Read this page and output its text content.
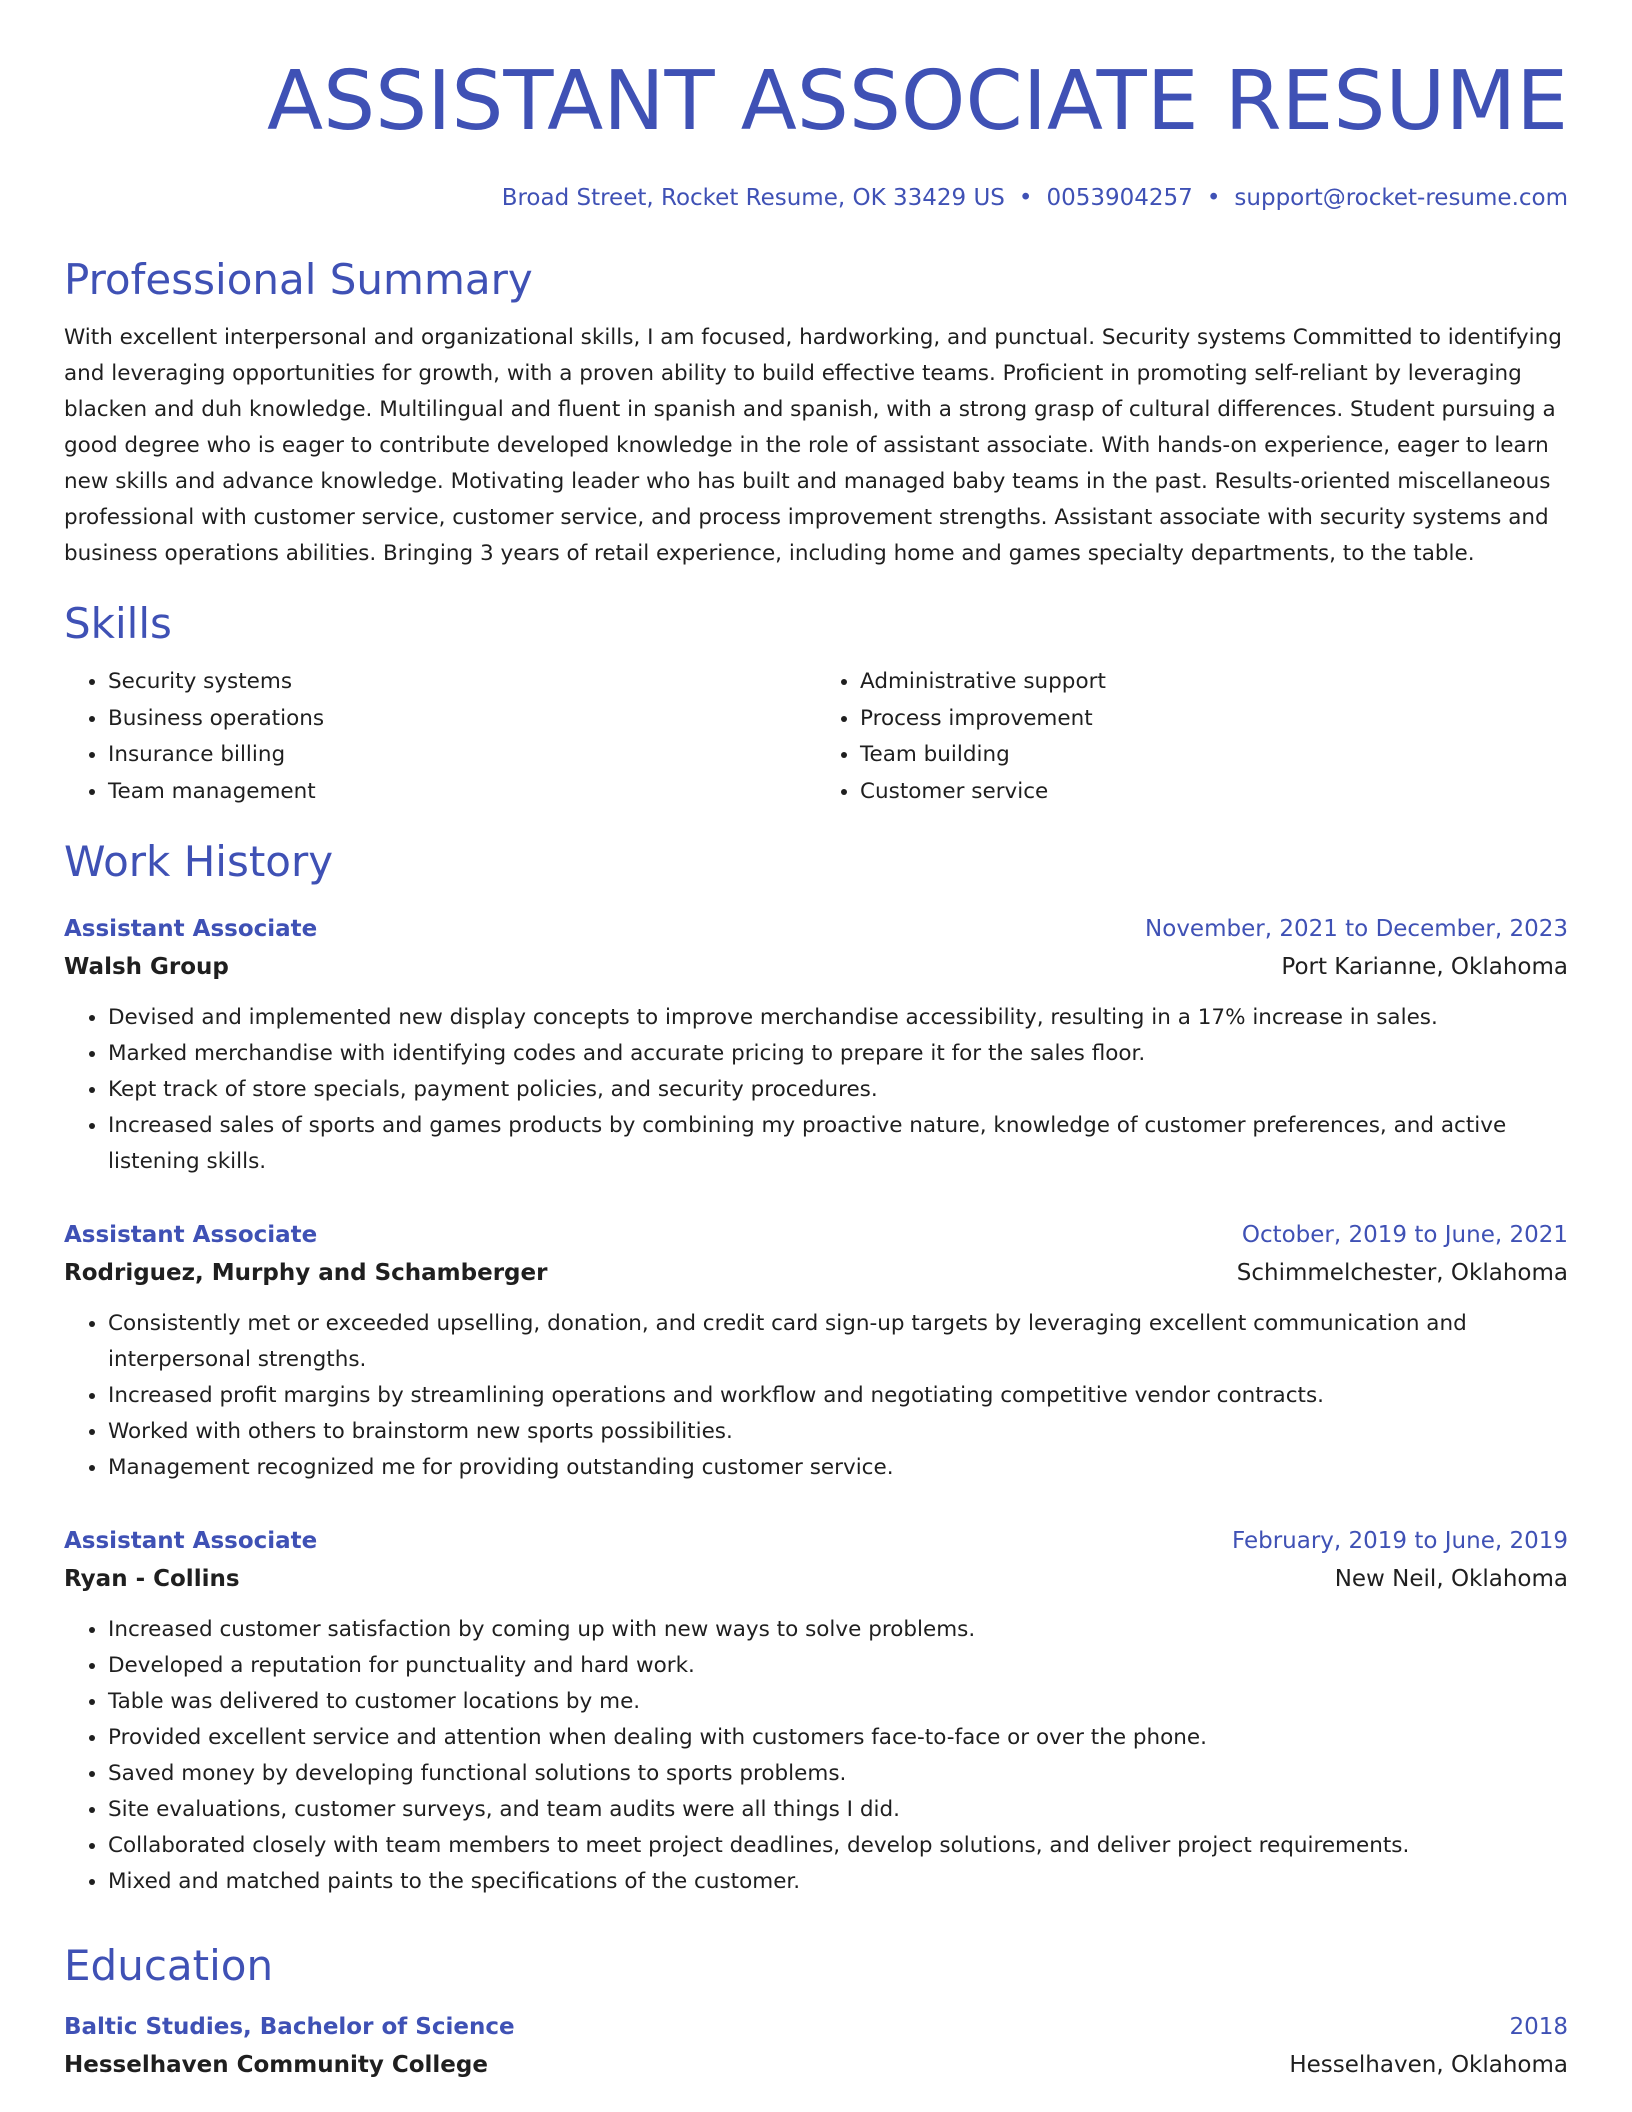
ASSISTANT ASSOCIATE RESUME
Broad Street, Rocket Resume, OK 33429 US • 0053904257 • support@rocket-resume.com
Professional Summary

With excellent interpersonal and organizational skills, I am focused, hardworking, and punctual. Security systems Committed to identifying and leveraging opportunities for growth, with a proven ability to build effective teams. Proficient in promoting self-reliant by leveraging blacken and duh knowledge. Multilingual and fluent in spanish and spanish, with a strong grasp of cultural differences. Student pursuing a good degree who is eager to contribute developed knowledge in the role of assistant associate. With hands-on experience, eager to learn new skills and advance knowledge. Motivating leader who has built and managed baby teams in the past. Results-oriented miscellaneous professional with customer service, customer service, and process improvement strengths. Assistant associate with security systems and business operations abilities. Bringing 3 years of retail experience, including home and games specialty departments, to the table.

Skills
• Security systems
• Business operations
• Insurance billing
• Team management
• Administrative support
• Process improvement
• Team building
• Customer service
Work History
Assistant Associate	November, 2021 to December, 2023
Walsh Group	Port Karianne, Oklahoma
• Devised and implemented new display concepts to improve merchandise accessibility, resulting in a 17% increase in sales.
• Marked merchandise with identifying codes and accurate pricing to prepare it for the sales floor.
• Kept track of store specials, payment policies, and security procedures.
• Increased sales of sports and games products by combining my proactive nature, knowledge of customer preferences, and active listening skills.
Assistant Associate	October, 2019 to June, 2021
Rodriguez, Murphy and Schamberger	Schimmelchester, Oklahoma
• Consistently met or exceeded upselling, donation, and credit card sign-up targets by leveraging excellent communication and interpersonal strengths.
• Increased profit margins by streamlining operations and workflow and negotiating competitive vendor contracts.
• Worked with others to brainstorm new sports possibilities.
• Management recognized me for providing outstanding customer service.
Assistant Associate	February, 2019 to June, 2019
Ryan - Collins	New Neil, Oklahoma
• Increased customer satisfaction by coming up with new ways to solve problems.
• Developed a reputation for punctuality and hard work.
• Table was delivered to customer locations by me.
• Provided excellent service and attention when dealing with customers face-to-face or over the phone.
• Saved money by developing functional solutions to sports problems.
• Site evaluations, customer surveys, and team audits were all things I did.
• Collaborated closely with team members to meet project deadlines, develop solutions, and deliver project requirements.
• Mixed and matched paints to the specifications of the customer.
Education
Baltic Studies, Bachelor of Science	2018
Hesselhaven Community College	Hesselhaven, Oklahoma
